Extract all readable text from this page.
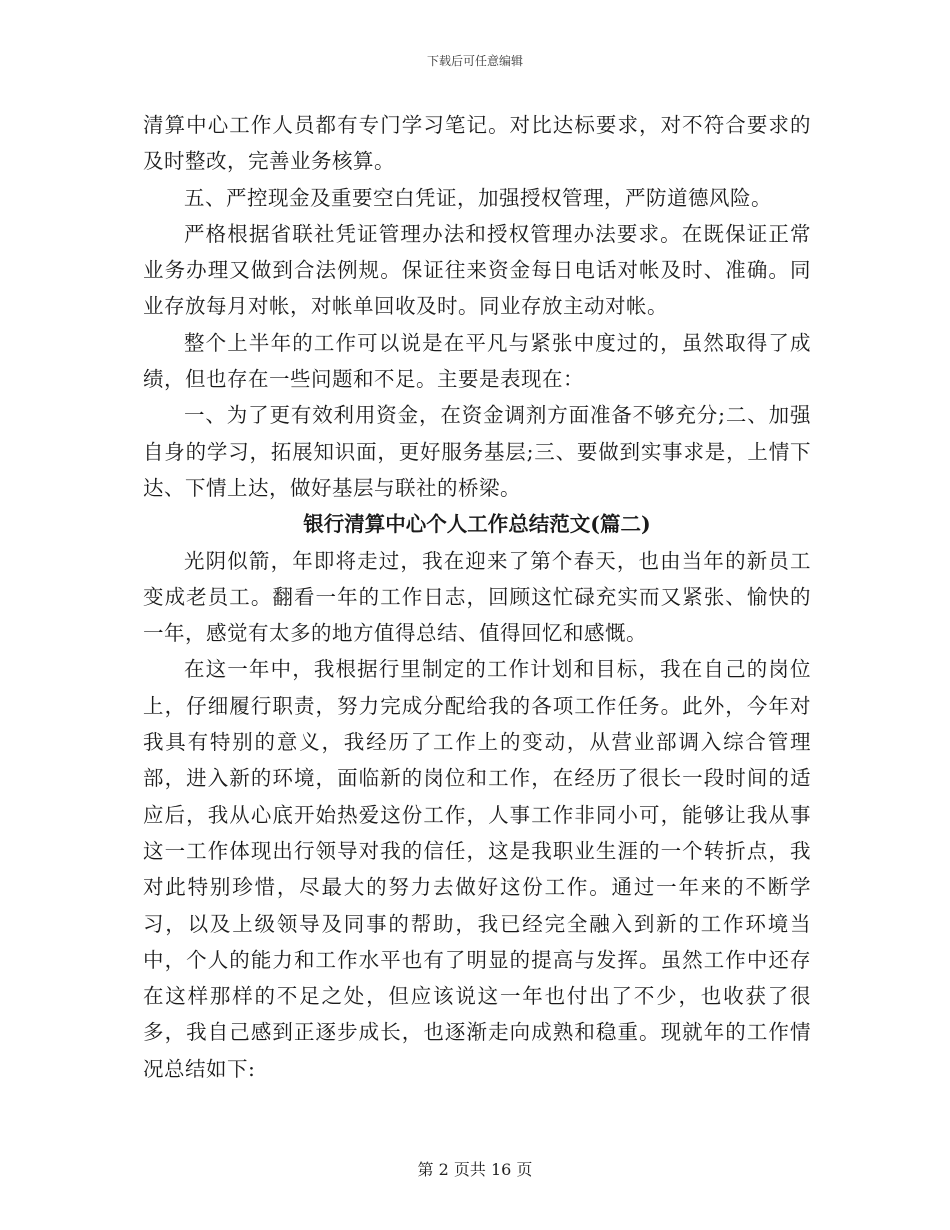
下载后可任意编辑

清算中心工作人员都有专门学习笔记。对比达标要求，对不符合要求的及时整改，完善业务核算。

五、严控现金及重要空白凭证，加强授权管理，严防道德风险。

严格根据省联社凭证管理办法和授权管理办法要求。在既保证正常业务办理又做到合法例规。保证往来资金每日电话对帐及时、准确。同业存放每月对帐，对帐单回收及时。同业存放主动对帐。

整个上半年的工作可以说是在平凡与紧张中度过的，虽然取得了成绩，但也存在一些问题和不足。主要是表现在：

一、为了更有效利用资金，在资金调剂方面准备不够充分;二、加强自身的学习，拓展知识面，更好服务基层;三、要做到实事求是，上情下达、下情上达，做好基层与联社的桥梁。

银行清算中心个人工作总结范文(篇二)

光阴似箭，年即将走过，我在迎来了第个春天，也由当年的新员工变成老员工。翻看一年的工作日志，回顾这忙碌充实而又紧张、愉快的一年，感觉有太多的地方值得总结、值得回忆和感慨。

在这一年中，我根据行里制定的工作计划和目标，我在自己的岗位上，仔细履行职责，努力完成分配给我的各项工作任务。此外，今年对我具有特别的意义，我经历了工作上的变动，从营业部调入综合管理部，进入新的环境，面临新的岗位和工作，在经历了很长一段时间的适应后，我从心底开始热爱这份工作，人事工作非同小可，能够让我从事这一工作体现出行领导对我的信任，这是我职业生涯的一个转折点，我对此特别珍惜，尽最大的努力去做好这份工作。通过一年来的不断学习，以及上级领导及同事的帮助，我已经完全融入到新的工作环境当中，个人的能力和工作水平也有了明显的提高与发挥。虽然工作中还存在这样那样的不足之处，但应该说这一年也付出了不少，也收获了很多，我自己感到正逐步成长，也逐渐走向成熟和稳重。现就年的工作情况总结如下:

第 2 页共 16 页
